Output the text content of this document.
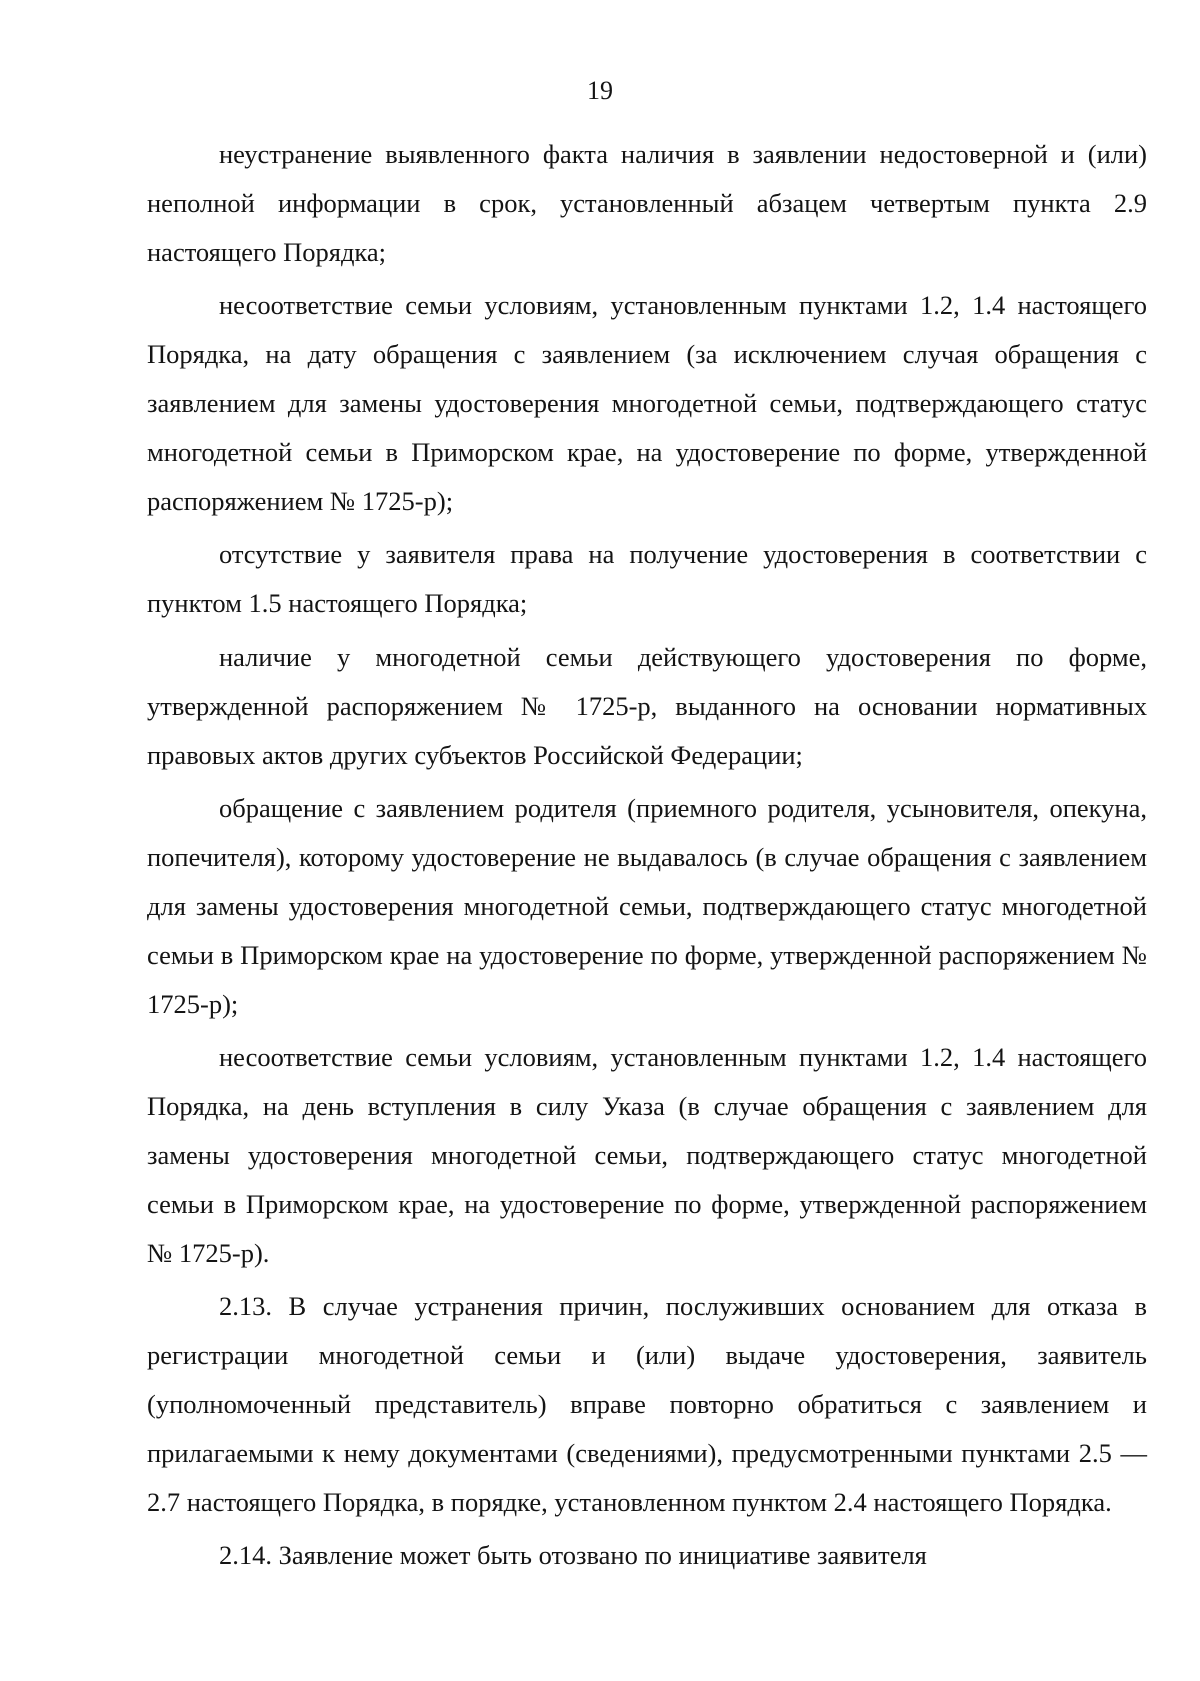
19

неустранение выявленного факта наличия в заявлении недостоверной и (или) неполной информации в срок, установленный абзацем четвертым пункта 2.9 настоящего Порядка;

несоответствие семьи условиям, установленным пунктами 1.2, 1.4 настоящего Порядка, на дату обращения с заявлением (за исключением случая обращения с заявлением для замены удостоверения многодетной семьи, подтверждающего статус многодетной семьи в Приморском крае, на удостоверение по форме, утвержденной распоряжением № 1725-р);

отсутствие у заявителя права на получение удостоверения в соответствии с пунктом 1.5 настоящего Порядка;

наличие у многодетной семьи действующего удостоверения по форме, утвержденной распоряжением № 1725-р, выданного на основании нормативных правовых актов других субъектов Российской Федерации;

обращение с заявлением родителя (приемного родителя, усыновителя, опекуна, попечителя), которому удостоверение не выдавалось (в случае обращения с заявлением для замены удостоверения многодетной семьи, подтверждающего статус многодетной семьи в Приморском крае на удостоверение по форме, утвержденной распоряжением № 1725-р);

несоответствие семьи условиям, установленным пунктами 1.2, 1.4 настоящего Порядка, на день вступления в силу Указа (в случае обращения с заявлением для замены удостоверения многодетной семьи, подтверждающего статус многодетной семьи в Приморском крае, на удостоверение по форме, утвержденной распоряжением № 1725-р).

2.13. В случае устранения причин, послуживших основанием для отказа в регистрации многодетной семьи и (или) выдаче удостоверения, заявитель (уполномоченный представитель) вправе повторно обратиться с заявлением и прилагаемыми к нему документами (сведениями), предусмотренными пунктами 2.5 — 2.7 настоящего Порядка, в порядке, установленном пунктом 2.4 настоящего Порядка.

2.14. Заявление может быть отозвано по инициативе заявителя
